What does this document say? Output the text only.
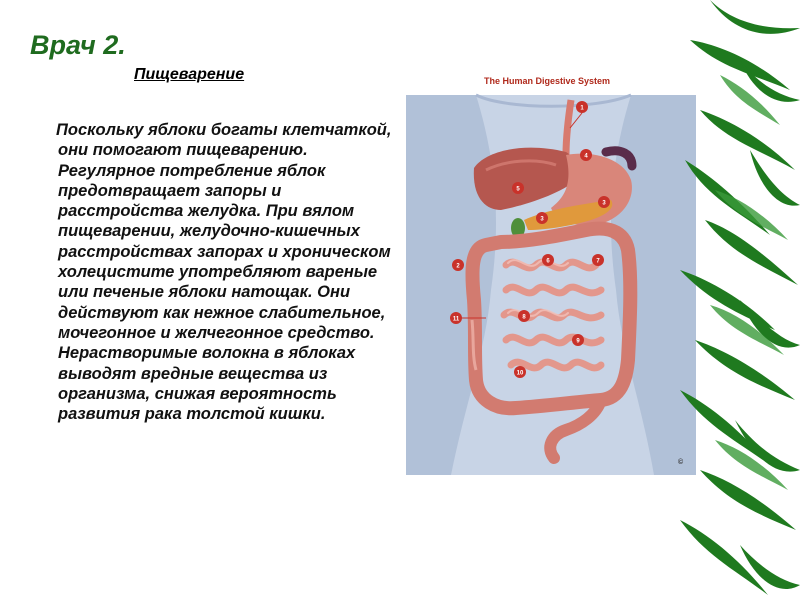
Врач 2.
Пищеварение
Поскольку яблоки богаты клетчаткой, они помогают пищеварению. Регулярное потребление яблок предотвращает запоры и расстройства желудка. При вялом пищеварении, желудочно-кишечных расстройствах запорах и хроническом холецистите употребляют вареные или печеные яблоки натощак. Они действуют как нежное слабительное, мочегонное и желчегонное средство. Нерастворимые волокна в яблоках выводят вредные вещества из организма, снижая вероятность развития рака толстой кишки.
1
4
5
3
2
6	7
3
8
11
9
10
©
The Human Digestive System
